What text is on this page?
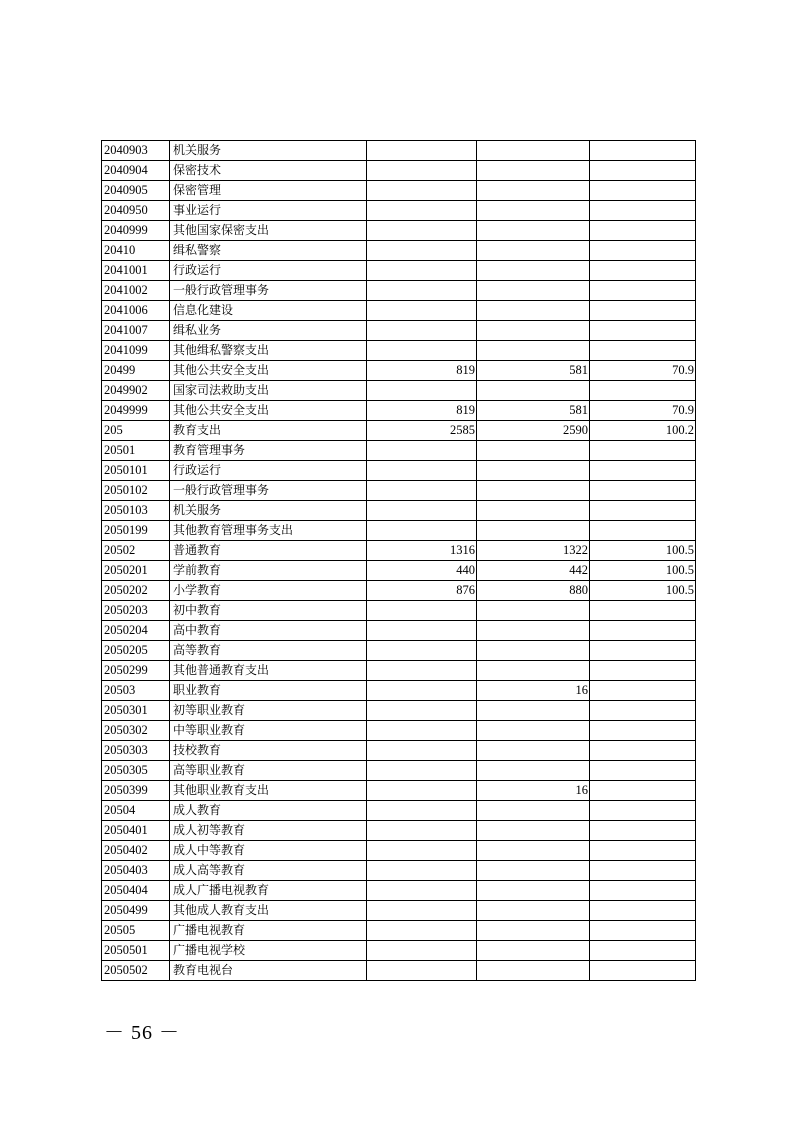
2040903	机关服务			
2040904	保密技术			
2040905	保密管理			
2040950	事业运行			
2040999	其他国家保密支出			
20410	缉私警察			
2041001	行政运行			
2041002	一般行政管理事务			
2041006	信息化建设			
2041007	缉私业务			
2041099	其他缉私警察支出			
20499	其他公共安全支出	819	581	70.9
2049902	国家司法救助支出			
2049999	其他公共安全支出	819	581	70.9
205	教育支出	2585	2590	100.2
20501	教育管理事务			
2050101	行政运行			
2050102	一般行政管理事务			
2050103	机关服务			
2050199	其他教育管理事务支出			
20502	普通教育	1316	1322	100.5
2050201	学前教育	440	442	100.5
2050202	小学教育	876	880	100.5
2050203	初中教育			
2050204	高中教育			
2050205	高等教育			
2050299	其他普通教育支出			
20503	职业教育		16	
2050301	初等职业教育			
2050302	中等职业教育			
2050303	技校教育			
2050305	高等职业教育			
2050399	其他职业教育支出		16	
20504	成人教育			
2050401	成人初等教育			
2050402	成人中等教育			
2050403	成人高等教育			
2050404	成人广播电视教育			
2050499	其他成人教育支出			
20505	广播电视教育			
2050501	广播电视学校			
2050502	教育电视台			
－ 56 －
